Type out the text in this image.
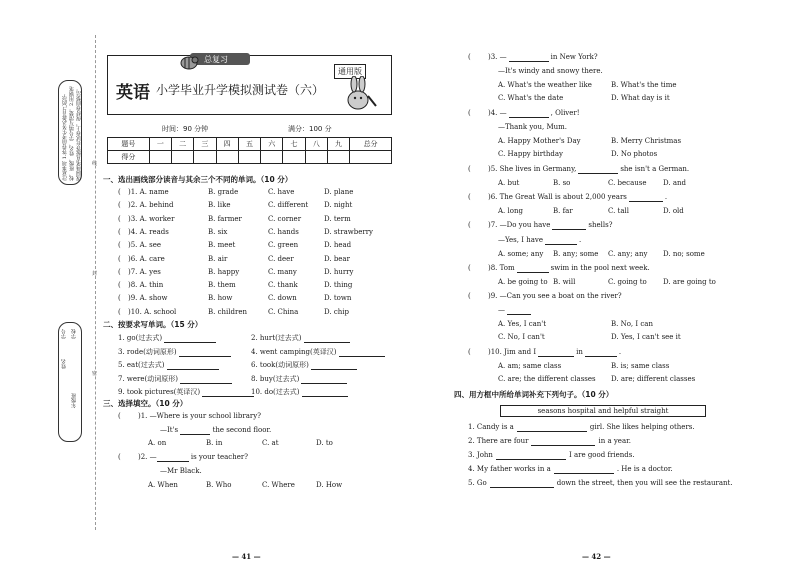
注意事项 1.答卷前考生务必将自己的学校、班级、姓名、学号填写清楚。2.用钢笔或圆珠笔直接答在试卷上，保持卷面整洁。
学号
姓名
学校
年级班
线
封
密
总复习
英语 小学毕业升学模拟测试卷（六）
通用版
时间：90 分钟	满分：100 分
题号	一	二	三	四	五	六	七	八	九	总分
得分										
一、选出画线部分读音与其余三个不同的单词。（10 分）
( )1. A. name	B. grade	C. have	D. plane
( )2. A. behind	B. like	C. different D. night
( )3. A. worker	B. farmer	C. corner	D. term
( )4. A. reads	B. six	C. hands	D. strawberry
( )5. A. see	B. meet	C. green	D. head
( )6. A. care	B. air	C. deer	D. bear
( )7. A. yes	B. happy	C. many	D. hurry
( )8. A. thin	B. them	C. thank	D. thing
( )9. A. show	B. how	C. down	D. town
( )10. A. school	B. children	C. China	D. chip
二、按要求写单词。（15 分）
1. go(过去式)	2. hurt(过去式)
3. rode(动词原形)	4. went camping(英译汉)
5. eat(过去式)	6. took(动词原形)
7. were(动词原形)	8. buy(过去式)
9. took pictures(英译汉)	10. do(过去式)
三、选择填空。（10 分）
( )1. —Where is your school library?
—It's	the second floor.
A. on	B. in	C. at	D. to
( )2. —	is your teacher?
—Mr Black.
A. When	B. Who	C. Where	D. How
— 41 —
( )3. —	in New York?
—It's windy and snowy there.
A. What's the weather like	B. What's the time
C. What's the date	D. What day is it
( )4. —	, Oliver!
—Thank you, Mum.
A. Happy Mother's Day	B. Merry Christmas
C. Happy birthday	D. No photos
( )5. She lives in Germany,	she isn't a German.
A. but	B. so	C. because D. and
( )6. The Great Wall is about 2,000 years	.
A. long	B. far	C. tall	D. old
( )7. —Do you have	shells?
—Yes, I have	.
A. some; any B. any; some C. any; any D. no; some
( )8. Tom	swim in the pool next week.
A. be going to B. will	C. going to D. are going to
( )9. —Can you see a boat on the river?
—
A. Yes, I can't	B. No, I can
C. No, I can't	D. Yes, I can't see it
( )10. Jim and I	in	.
A. am; same class	B. is; same class
C. are; the different classes D. are; different classes
四、用方框中所给单词补充下列句子。（10 分）
seasons hospital and helpful straight
1. Candy is a	girl. She likes helping others.
2. There are four	in a year.
3. John	I are good friends.
4. My father works in a	. He is a doctor.
5. Go	down the street, then you will see the restaurant.
— 42 —
